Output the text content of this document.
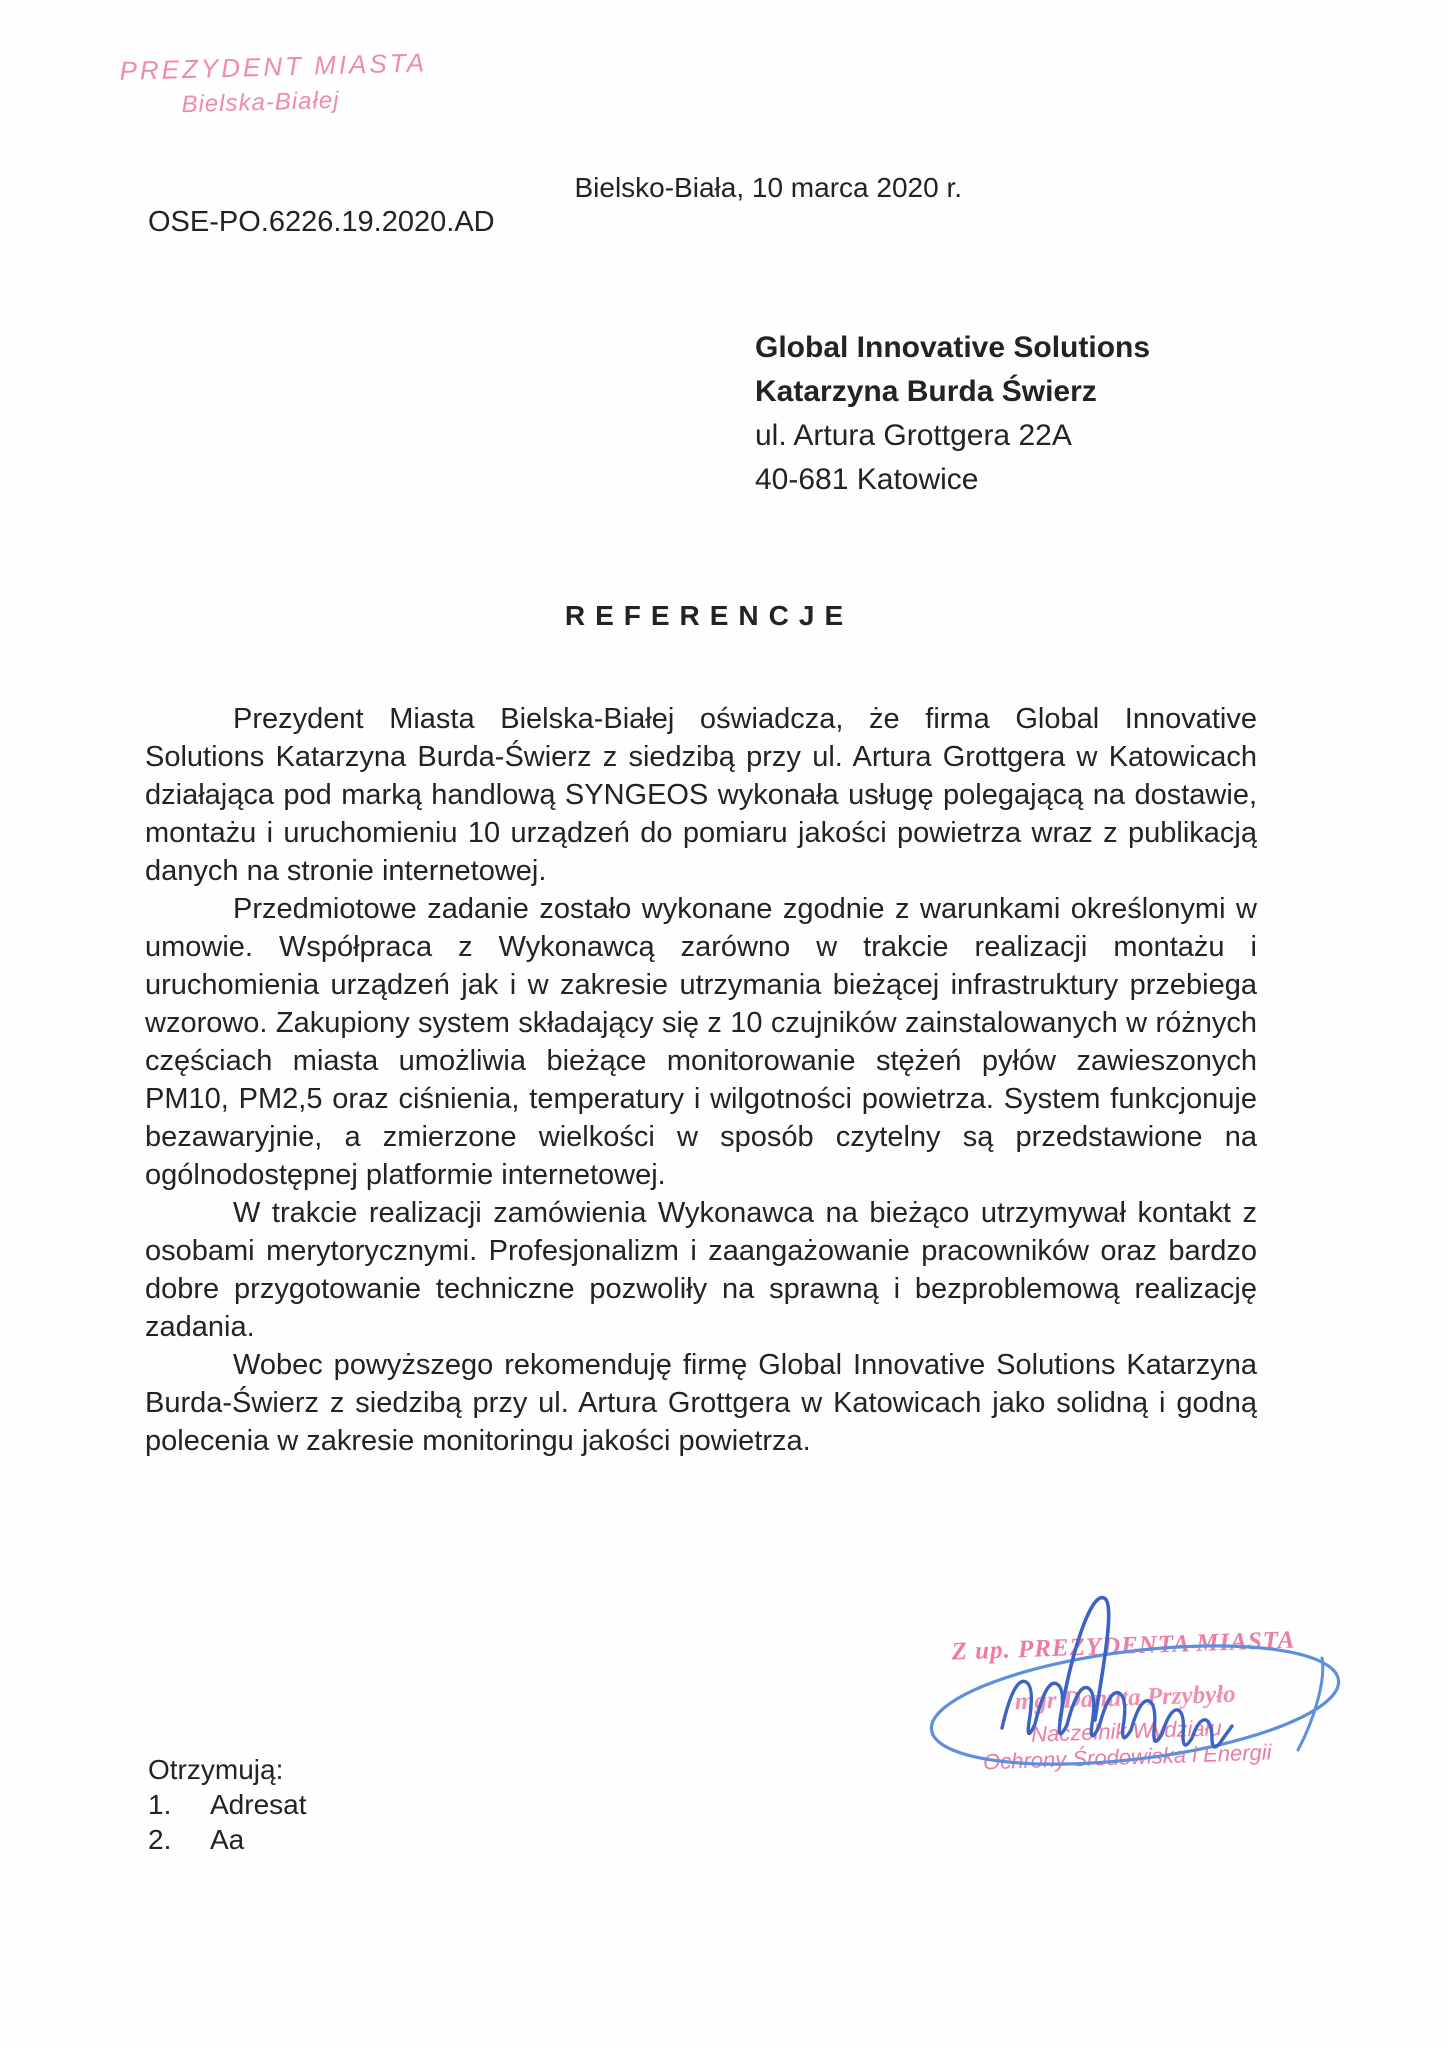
PREZYDENT MIASTA
Bielska-Białej
Bielsko-Biała, 10 marca 2020 r.
OSE-PO.6226.19.2020.AD
Global Innovative Solutions
Katarzyna Burda Świerz
ul. Artura Grottgera 22A
40-681 Katowice
REFERENCJE

Prezydent Miasta Bielska-Białej oświadcza, że firma Global Innovative Solutions Katarzyna Burda-Świerz z siedzibą przy ul. Artura Grottgera w Katowicach działająca pod marką handlową SYNGEOS wykonała usługę polegającą na dostawie, montażu i uruchomieniu 10 urządzeń do pomiaru jakości powietrza wraz z publikacją danych na stronie internetowej.

Przedmiotowe zadanie zostało wykonane zgodnie z warunkami określonymi w umowie. Współpraca z Wykonawcą zarówno w trakcie realizacji montażu i uruchomienia urządzeń jak i w zakresie utrzymania bieżącej infrastruktury przebiega wzorowo. Zakupiony system składający się z 10 czujników zainstalowanych w różnych częściach miasta umożliwia bieżące monitorowanie stężeń pyłów zawieszonych PM10, PM2,5 oraz ciśnienia, temperatury i wilgotności powietrza. System funkcjonuje bezawaryjnie, a zmierzone wielkości w sposób czytelny są przedstawione na ogólnodostępnej platformie internetowej.

W trakcie realizacji zamówienia Wykonawca na bieżąco utrzymywał kontakt z osobami merytorycznymi. Profesjonalizm i zaangażowanie pracowników oraz bardzo dobre przygotowanie techniczne pozwoliły na sprawną i bezproblemową realizację zadania.

Wobec powyższego rekomenduję firmę Global Innovative Solutions Katarzyna Burda-Świerz z siedzibą przy ul. Artura Grottgera w Katowicach jako solidną i godną polecenia w zakresie monitoringu jakości powietrza.

Z up. PREZYDENTA MIASTA
mgr Danuta Przybyło
Naczelnik Wydziału
Ochrony Środowiska i Energii
Otrzymują:
1.	Adresat
2.	Aa
